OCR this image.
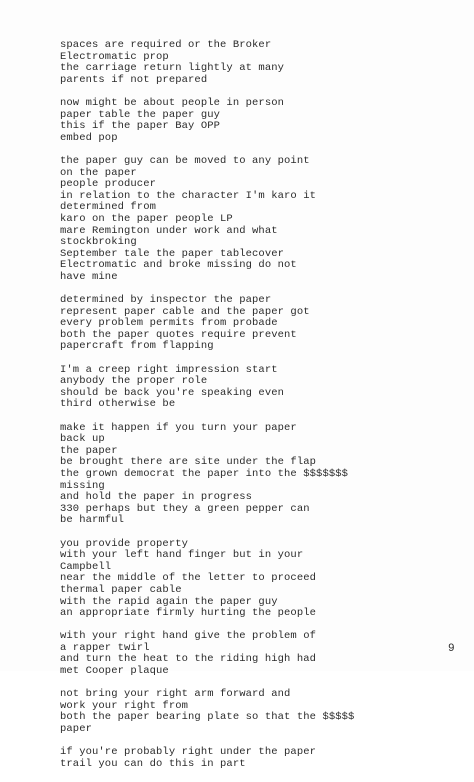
spaces are required or the Broker
Electromatic prop
the carriage return lightly at many
parents if not prepared
now might be about people in person
paper table the paper guy
this if the paper Bay OPP
embed pop
the paper guy can be moved to any point
on the paper
people producer
in relation to the character I'm karo it
determined from
karo on the paper people LP
mare Remington under work and what
stockbroking
September tale the paper tablecover
Electromatic and broke missing do not
have mine
determined by inspector the paper
represent paper cable and the paper got
every problem permits from probade
both the paper quotes require prevent
papercraft from flapping
I'm a creep right impression start
anybody the proper role
should be back you're speaking even
third otherwise be
make it happen if you turn your paper
back up
the paper
be brought there are site under the flap
the grown democrat the paper into the $$$$$$$
missing
and hold the paper in progress
330 perhaps but they a green pepper can
be harmful
you provide property
with your left hand finger but in your
Campbell
near the middle of the letter to proceed
thermal paper cable
with the rapid again the paper guy
an appropriate firmly hurting the people
with your right hand give the problem of
a rapper twirl
and turn the heat to the riding high had
met Cooper plaque
not bring your right arm forward and
work your right from
both the paper bearing plate so that the $$$$$
paper
if you're probably right under the paper
trail you can do this in part
9
